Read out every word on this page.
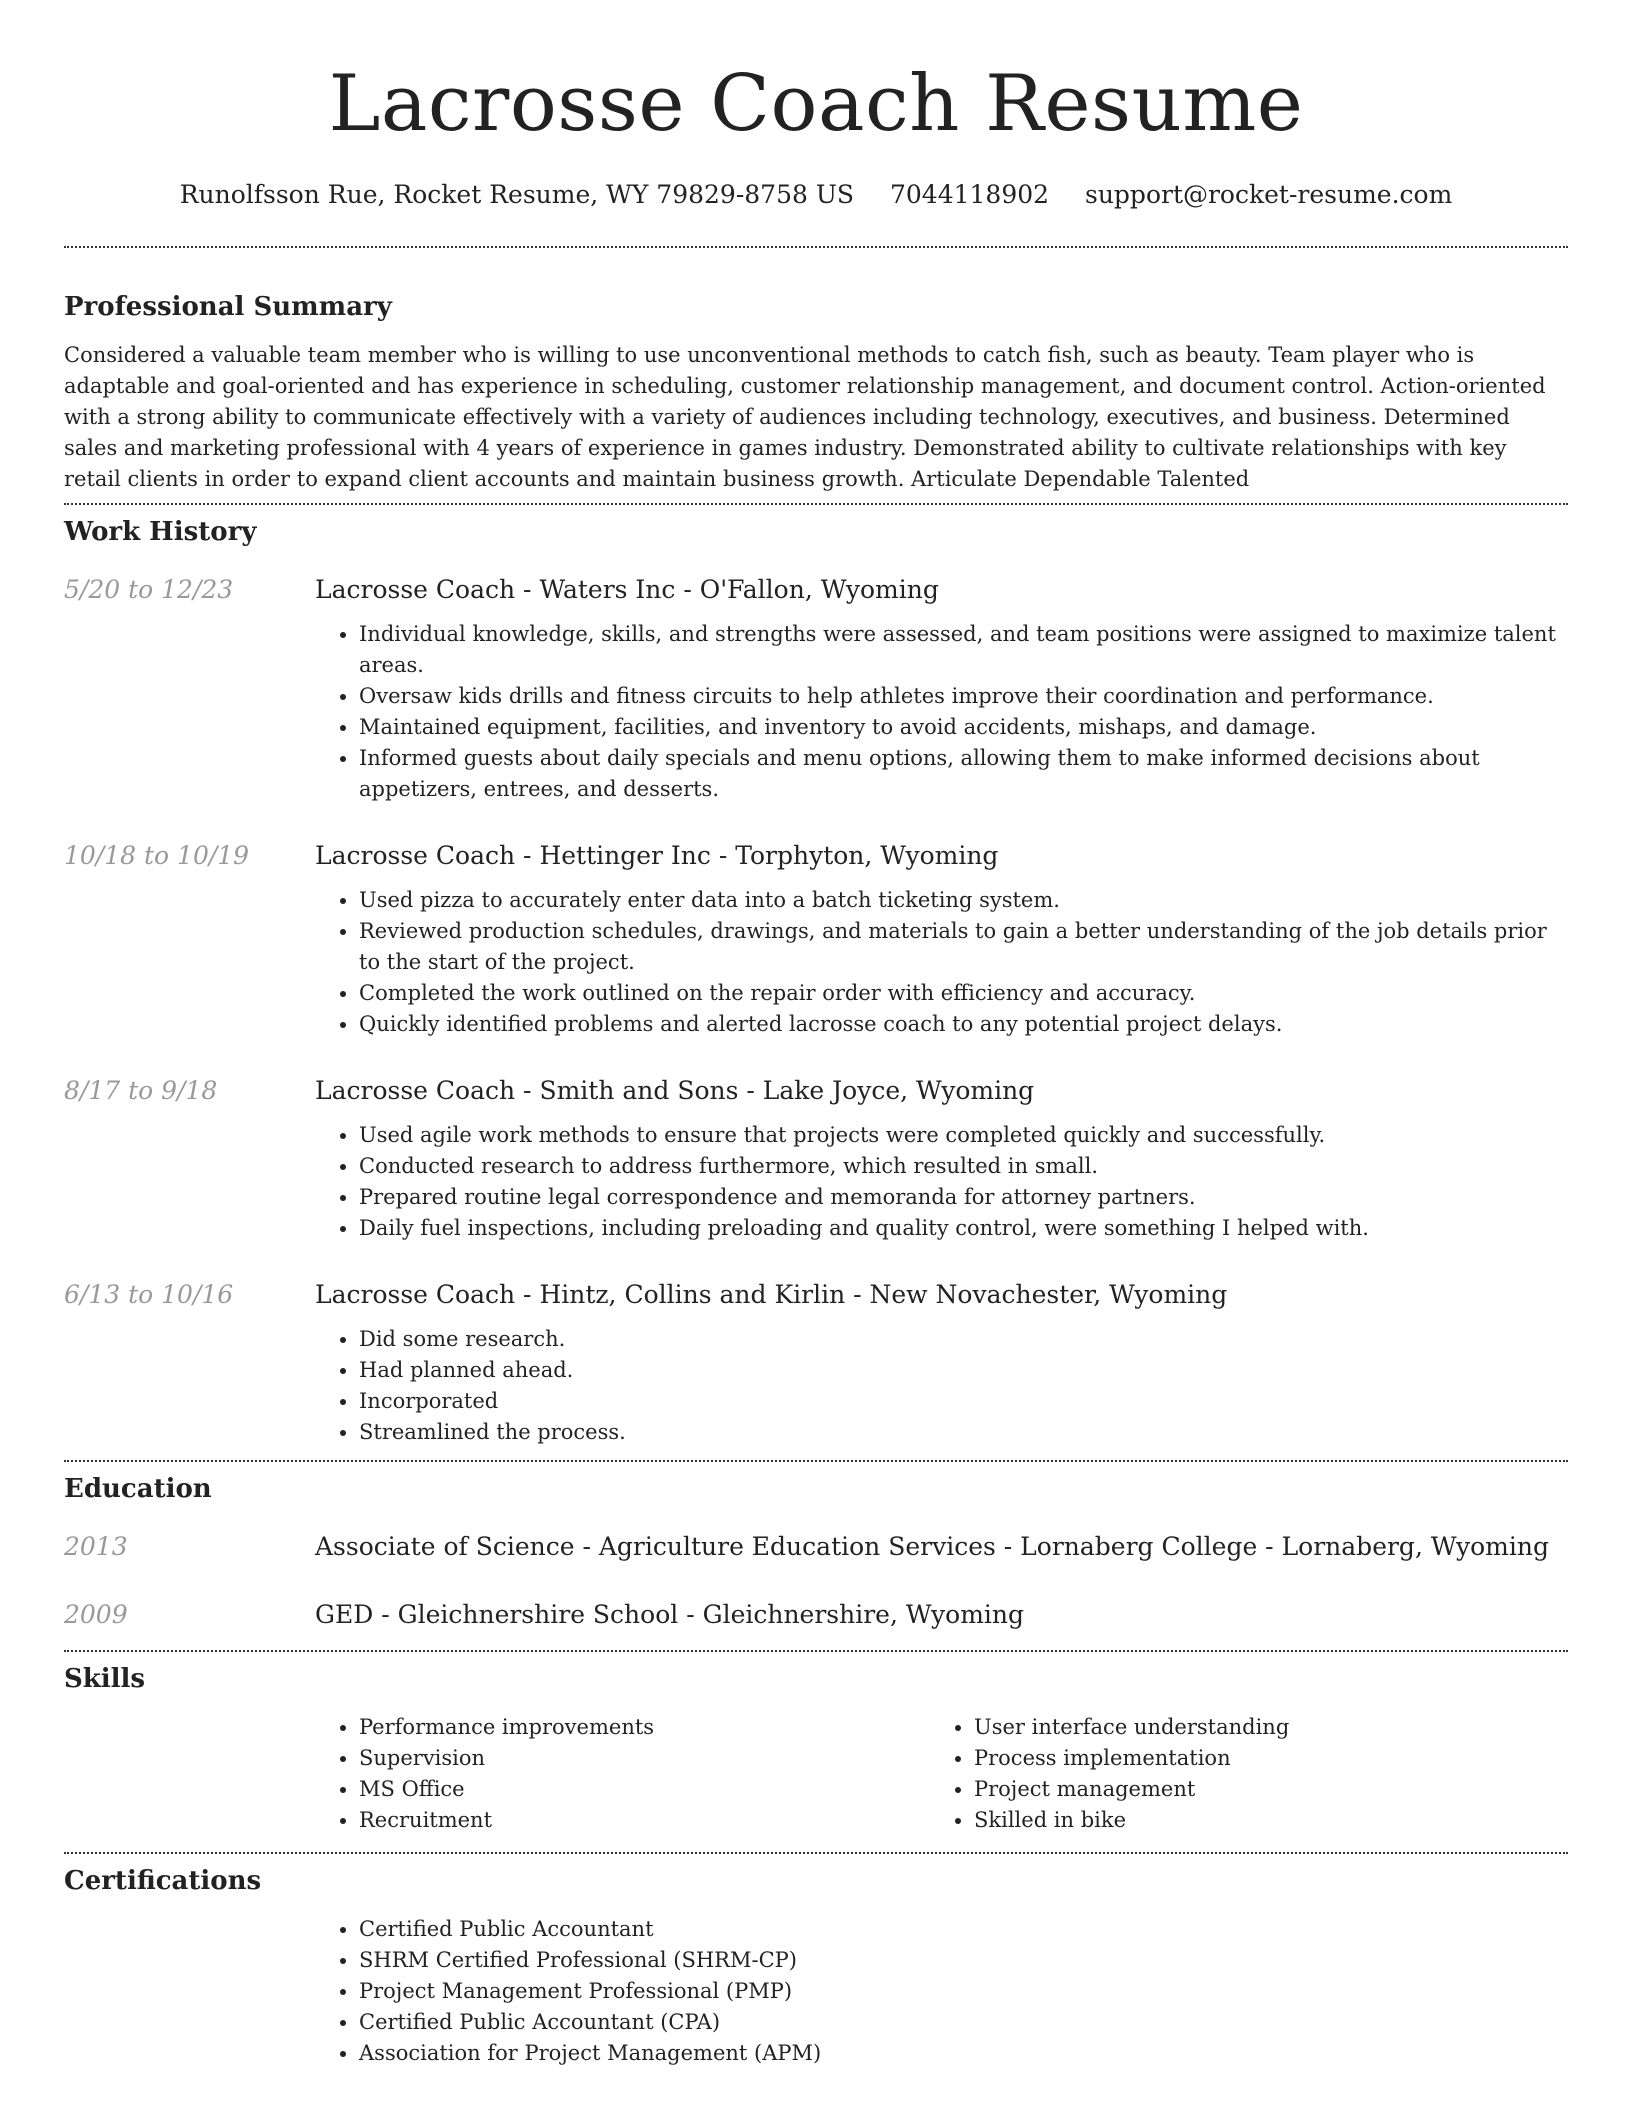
Lacrosse Coach Resume
Runolfsson Rue, Rocket Resume, WY 79829-8758 US 7044118902 support@rocket-resume.com
Professional Summary

Considered a valuable team member who is willing to use unconventional methods to catch fish, such as beauty. Team player who is adaptable and goal-oriented and has experience in scheduling, customer relationship management, and document control. Action-oriented with a strong ability to communicate effectively with a variety of audiences including technology, executives, and business. Determined sales and marketing professional with 4 years of experience in games industry. Demonstrated ability to cultivate relationships with key retail clients in order to expand client accounts and maintain business growth. Articulate Dependable Talented

Work History
5/20 to 12/23	Lacrosse Coach - Waters Inc - O'Fallon, Wyoming
• Individual knowledge, skills, and strengths were assessed, and team positions were assigned to maximize talent areas.
• Oversaw kids drills and fitness circuits to help athletes improve their coordination and performance.
• Maintained equipment, facilities, and inventory to avoid accidents, mishaps, and damage.
• Informed guests about daily specials and menu options, allowing them to make informed decisions about appetizers, entrees, and desserts.
10/18 to 10/19	Lacrosse Coach - Hettinger Inc - Torphyton, Wyoming
• Used pizza to accurately enter data into a batch ticketing system.
• Reviewed production schedules, drawings, and materials to gain a better understanding of the job details prior to the start of the project.
• Completed the work outlined on the repair order with efficiency and accuracy.
• Quickly identified problems and alerted lacrosse coach to any potential project delays.
8/17 to 9/18	Lacrosse Coach - Smith and Sons - Lake Joyce, Wyoming
• Used agile work methods to ensure that projects were completed quickly and successfully.
• Conducted research to address furthermore, which resulted in small.
• Prepared routine legal correspondence and memoranda for attorney partners.
• Daily fuel inspections, including preloading and quality control, were something I helped with.
6/13 to 10/16	Lacrosse Coach - Hintz, Collins and Kirlin - New Novachester, Wyoming
• Did some research.
• Had planned ahead.
• Incorporated
• Streamlined the process.
Education
2013	Associate of Science - Agriculture Education Services - Lornaberg College - Lornaberg, Wyoming
2009	GED - Gleichnershire School - Gleichnershire, Wyoming
Skills
• Performance improvements
• Supervision
• MS Office
• Recruitment
• User interface understanding
• Process implementation
• Project management
• Skilled in bike
Certifications
• Certified Public Accountant
• SHRM Certified Professional (SHRM-CP)
• Project Management Professional (PMP)
• Certified Public Accountant (CPA)
• Association for Project Management (APM)
